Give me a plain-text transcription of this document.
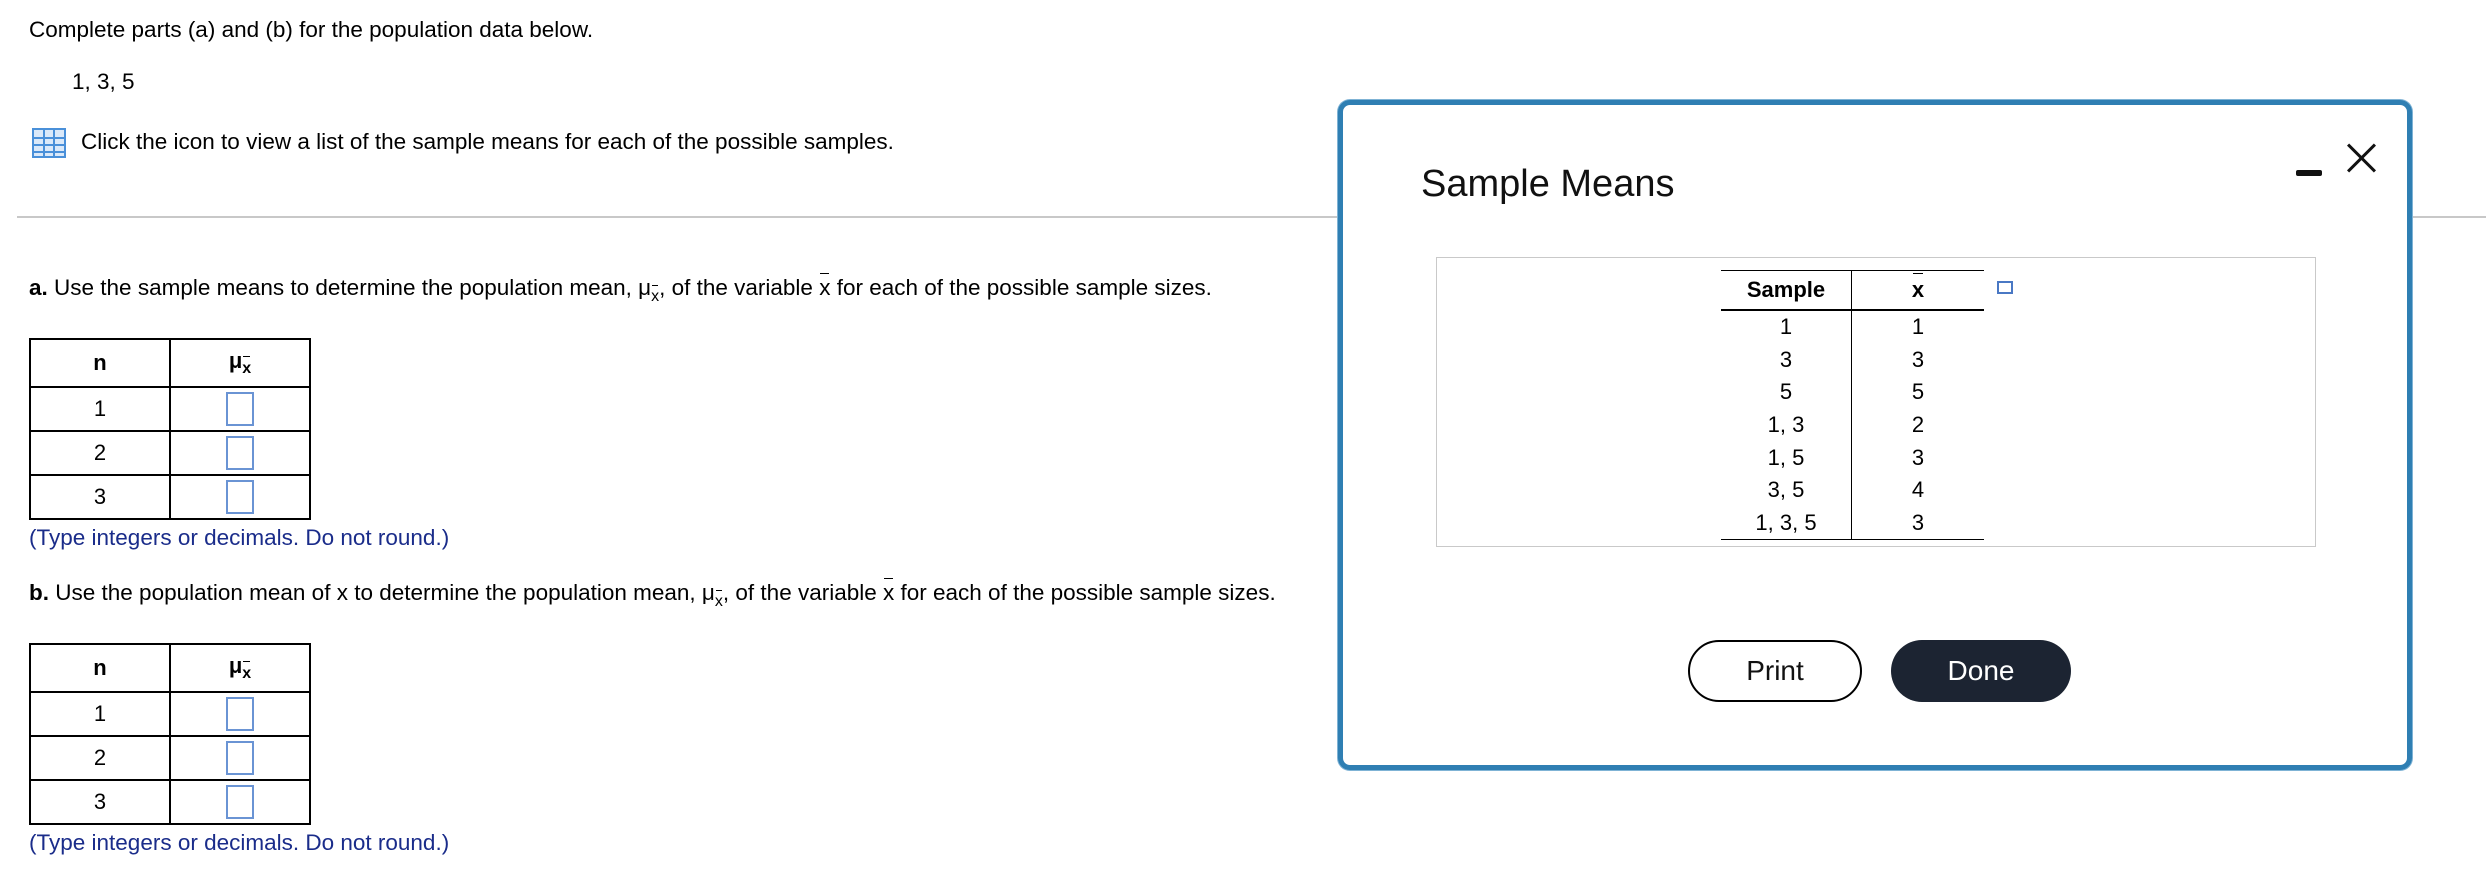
Complete parts (a) and (b) for the population data below.
1, 3, 5
Click the icon to view a list of the sample means for each of the possible samples.
a. Use the sample means to determine the population mean, $\mu_x$, of the variable x for each of the possible sample sizes.
n	$\mu_x$
1	
2	
3	
(Type integers or decimals. Do not round.)
b. Use the population mean of x to determine the population mean, $\mu_x$, of the variable x for each of the possible sample sizes.
n	$\mu_x$
1	
2	
3	
(Type integers or decimals. Do not round.)
Sample Means
Sample	x
1	1
3	3
5	5
1, 3	2
1, 5	3
3, 5	4
1, 3, 5	3
Print	Done
